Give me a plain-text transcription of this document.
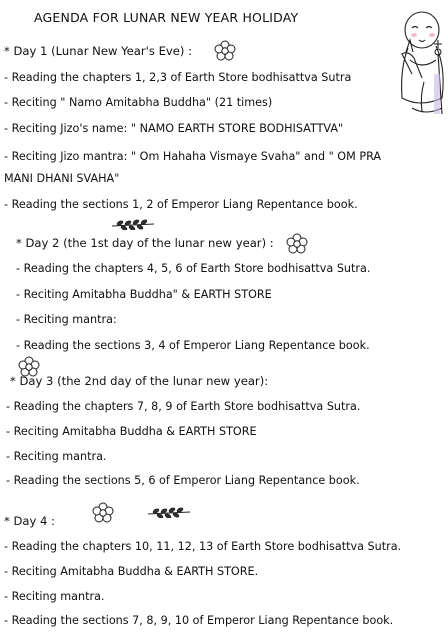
AGENDA FOR LUNAR NEW YEAR HOLIDAY
* Day 1 (Lunar New Year's Eve) :
- Reading the chapters 1, 2,3 of Earth Store bodhisattva Sutra
- Reciting " Namo Amitabha Buddha" (21 times)
- Reciting Jizo's name: " NAMO EARTH STORE BODHISATTVA"
- Reciting Jizo mantra: " Om Hahaha Vismaye Svaha" and " OM PRA
MANI DHANI SVAHA"
- Reading the sections 1, 2 of Emperor Liang Repentance book.
* Day 2 (the 1st day of the lunar new year) :
- Reading the chapters 4, 5, 6 of Earth Store bodhisattva Sutra.
- Reciting Amitabha Buddha" & EARTH STORE
- Reciting mantra:
- Reading the sections 3, 4 of Emperor Liang Repentance book.
* Day 3 (the 2nd day of the lunar new year):
- Reading the chapters 7, 8, 9 of Earth Store bodhisattva Sutra.
- Reciting Amitabha Buddha & EARTH STORE
- Reciting mantra.
- Reading the sections 5, 6 of Emperor Liang Repentance book.
* Day 4 :
- Reading the chapters 10, 11, 12, 13 of Earth Store bodhisattva Sutra.
- Reciting Amitabha Buddha & EARTH STORE.
- Reciting mantra.
- Reading the sections 7, 8, 9, 10 of Emperor Liang Repentance book.
